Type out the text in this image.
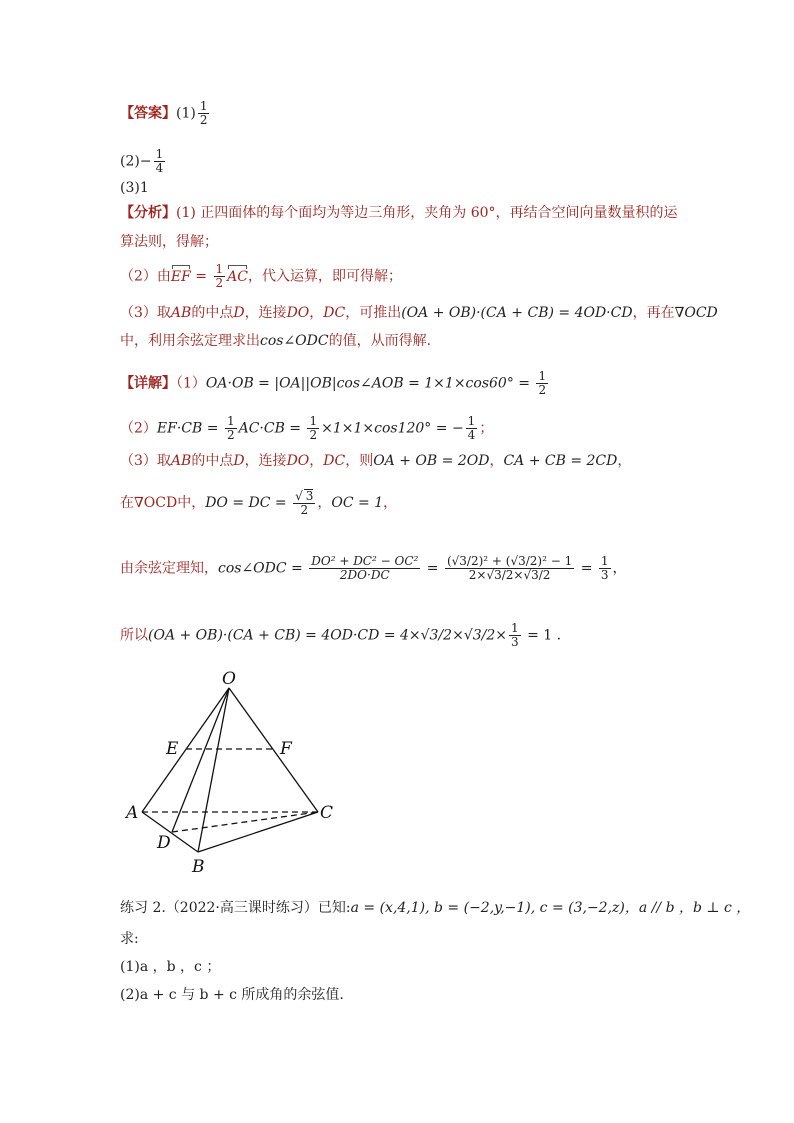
【答案】$(1) \frac{1}{2}$
$(2)- \frac{1}{4}$
(3)1
【分析】(1) 正四面体的每个面均为等边三角形，夹角为 60°，再结合空间向量数量积的运
算法则，得解；
（2）由EF = $\frac{1}{2}$ AC，代入运算，即可得解；
（3）取AB的中点D，连接DO，DC，可推出(OA + OB)·(CA + CB) = 4OD·CD，再在∇OCD
中，利用余弦定理求出cos∠ODC的值，从而得解.
【详解】（1）OA·OB = |OA||OB|cos∠AOB = $1\times 1\times\cos 60^\circ = \frac{1}{2}$
$(2)EF\cdot CB = \frac{1}{2} AC\cdot CB = \frac{1}{2} \times 1\times 1\times\cos 120^\circ$ = − $\frac{1}{4}$ ；
（3）取AB的中点D，连接DO，DC，则OA + OB = 2OD，CA + CB = 2CD，
在∇OCD中，DO = DC = $\frac{√ 3}{2}$ ，OC = 1，
由余弦定理知，cos∠ODC = $\frac{\text{DO² + DC² − OC²}}{2DO\cdot DC} = \frac{\text{(√3/2)² + (√3/2)² − 1}}{2\times√3/2\times√3/2} = \frac{1}{3}$ ，
所以$(OA + OB)\cdot(CA + CB) = 4OD\cdot CD = 4\times√3/2\times√3/2\times \frac{1}{3} = 1$ .
O
E	F
A	C
D
B
练习 2.（2022·高三课时练习）已知:a = (x,4,1), b = (−2,y,−1), c = (3,−2,z)，a // b ，b ⊥ c ，
求:
(1)a ，b ，c ；
(2)a + c 与 b + c 所成角的余弦值.
